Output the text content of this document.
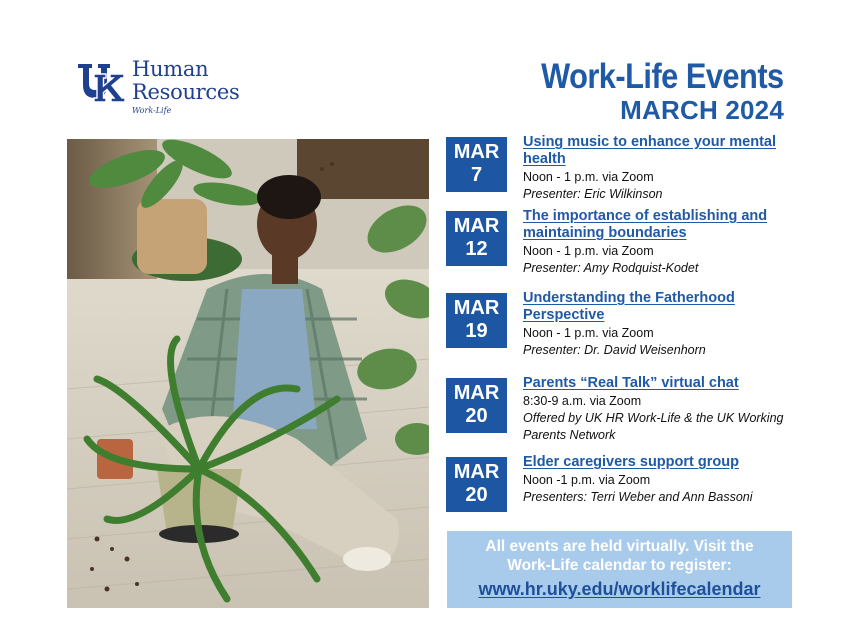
Human
Resources
Work-Life
Work-Life Events
MARCH 2024
MAR
7
Using music to enhance your mental health
Noon - 1 p.m. via Zoom
Presenter: Eric Wilkinson
MAR
12
The importance of establishing and maintaining boundaries
Noon - 1 p.m. via Zoom
Presenter: Amy Rodquist-Kodet
MAR
19
Understanding the Fatherhood Perspective
Noon - 1 p.m. via Zoom
Presenter: Dr. David Weisenhorn
MAR
20
Parents “Real Talk” virtual chat
8:30-9 a.m. via Zoom
Offered by UK HR Work-Life & the UK Working Parents Network
MAR
20
Elder caregivers support group
Noon -1 p.m. via Zoom
Presenters: Terri Weber and Ann Bassoni
All events are held virtually. Visit the
Work-Life calendar to register:
www.hr.uky.edu/worklifecalendar
